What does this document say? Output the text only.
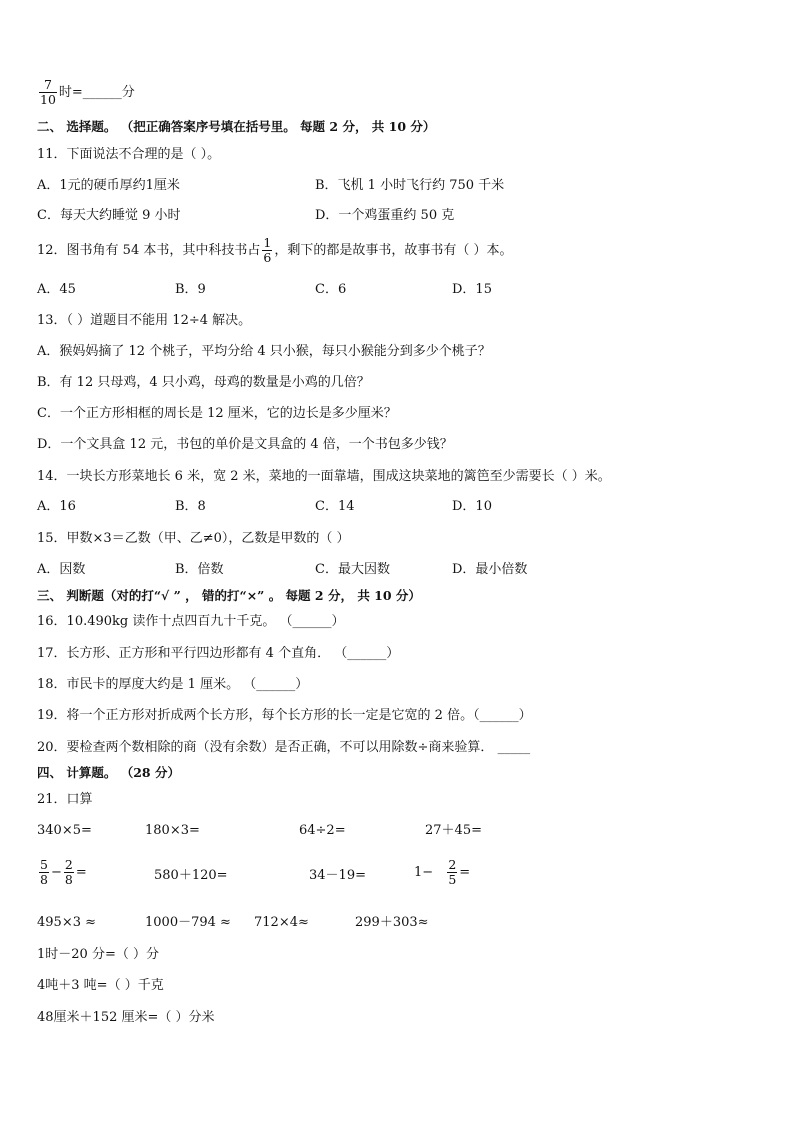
$\frac{7}{10}$ 时=______分
二、 选择题。 （把正确答案序号填在括号里。 每题 2 分， 共 10 分）
11．下面说法不合理的是（ ）。
A．1元的硬币厚约1厘米	B．飞机 1 小时飞行约 750 千米
C．每天大约睡觉 9 小时	D．一个鸡蛋重约 50 克
12．图书角有 54 本书，其中科技书占 $\frac{1}{6}$ ，剩下的都是故事书，故事书有（ ）本。
A．45	B．9	C．6	D．15
13．（ ）道题目不能用 12÷4 解决。
A．猴妈妈摘了 12 个桃子，平均分给 4 只小猴，每只小猴能分到多少个桃子？
B．有 12 只母鸡，4 只小鸡，母鸡的数量是小鸡的几倍？
C．一个正方形相框的周长是 12 厘米，它的边长是多少厘米？
D．一个文具盒 12 元，书包的单价是文具盒的 4 倍，一个书包多少钱？
14．一块长方形菜地长 6 米，宽 2 米，菜地的一面靠墙，围成这块菜地的篱笆至少需要长（ ）米。
A．16	B．8	C．14	D．10
15．甲数×3＝乙数（甲、乙≠0），乙数是甲数的（ ）
A．因数	B．倍数	C．最大因数	D．最小倍数
三、 判断题（对的打“√ ” ， 错的打“×” 。 每题 2 分， 共 10 分）
16．10.490kg 读作十点四百九十千克。 （______）
17．长方形、正方形和平行四边形都有 4 个直角． （______）
18．市民卡的厚度大约是 1 厘米。 （______）
19．将一个正方形对折成两个长方形，每个长方形的长一定是它宽的 2 倍。（______）
20．要检查两个数相除的商（没有余数）是否正确，不可以用除数÷商来验算． _____
四、 计算题。 （28 分）
21．口算
340×5=	180×3=	64÷2=	27＋45=
$\frac{5}{8} - \frac{2}{8}$ =	580＋120=	34－19=	$1- \frac{2}{5}$ =
495×3 ≈	1000－794 ≈ 712×4≈	299＋303≈
1时－20 分=（ ）分
4吨＋3 吨=（ ）千克
48厘米＋152 厘米=（ ）分米
